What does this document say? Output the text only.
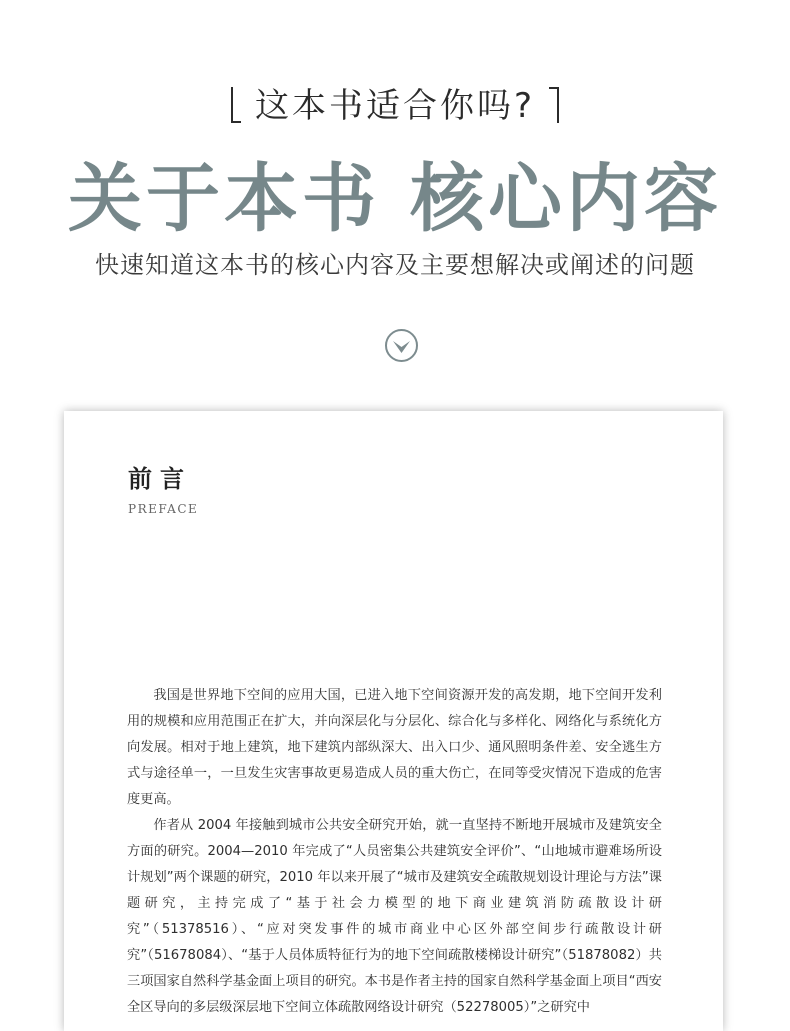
这本书适合你吗?
关于本书 核心内容
快速知道这本书的核心内容及主要想解决或阐述的问题
前言
PREFACE

我国是世界地下空间的应用大国，已进入地下空间资源开发的高发期，地下空间开发利用的规模和应用范围正在扩大，并向深层化与分层化、综合化与多样化、网络化与系统化方向发展。相对于地上建筑，地下建筑内部纵深大、出入口少、通风照明条件差、安全逃生方式与途径单一，一旦发生灾害事故更易造成人员的重大伤亡，在同等受灾情况下造成的危害度更高。

作者从 2004 年接触到城市公共安全研究开始，就一直坚持不断地开展城市及建筑安全方面的研究。2004—2010 年完成了“人员密集公共建筑安全评价”、“山地城市避难场所设计规划”两个课题的研究，2010 年以来开展了“城市及建筑安全疏散规划设计理论与方法”课题研究，主持完成了“基于社会力模型的地下商业建筑消防疏散设计研究”（51378516）、“应对突发事件的城市商业中心区外部空间步行疏散设计研究”（51678084）、“基于人员体质特征行为的地下空间疏散楼梯设计研究”（51878082）共三项国家自然科学基金面上项目的研究。本书是作者主持的国家自然科学基金面上项目“西安全区导向的多层级深层地下空间立体疏散网络设计研究（52278005）”之研究中
